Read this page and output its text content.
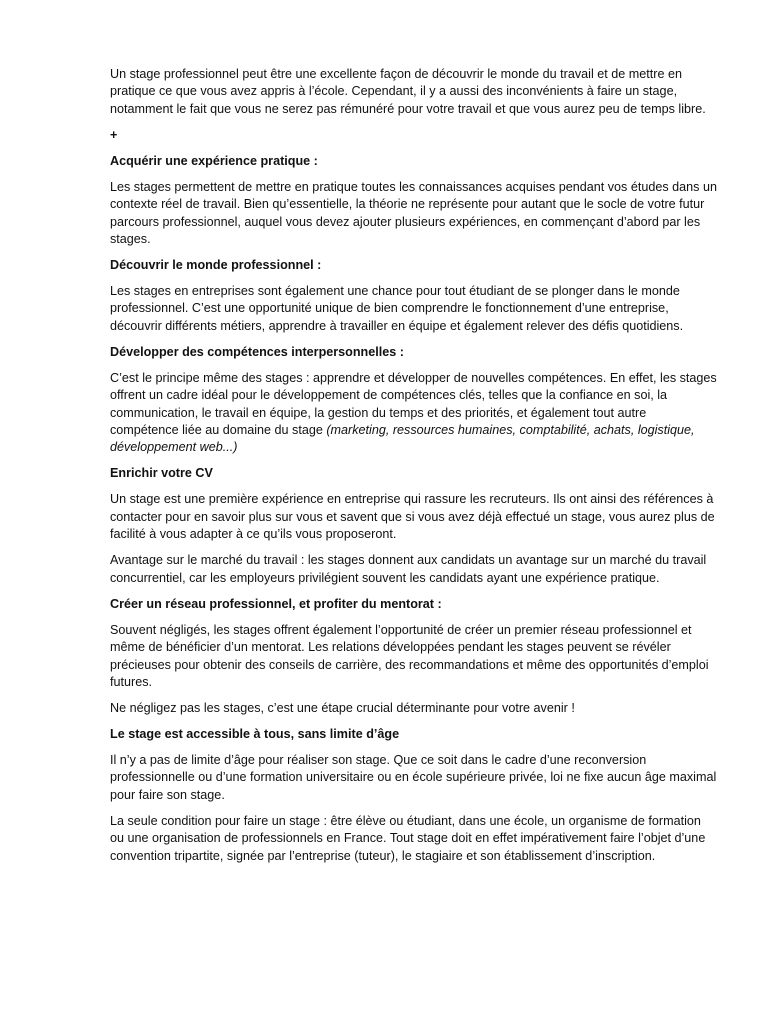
Un stage professionnel peut être une excellente façon de découvrir le monde du travail et de mettre en pratique ce que vous avez appris à l’école. Cependant, il y a aussi des inconvénients à faire un stage, notamment le fait que vous ne serez pas rémunéré pour votre travail et que vous aurez peu de temps libre.

+

Acquérir une expérience pratique :

Les stages permettent de mettre en pratique toutes les connaissances acquises pendant vos études dans un contexte réel de travail. Bien qu’essentielle, la théorie ne représente pour autant que le socle de votre futur parcours professionnel, auquel vous devez ajouter plusieurs expériences, en commençant d’abord par les stages.

Découvrir le monde professionnel :

Les stages en entreprises sont également une chance pour tout étudiant de se plonger dans le monde professionnel. C’est une opportunité unique de bien comprendre le fonctionnement d’une entreprise, découvrir différents métiers, apprendre à travailler en équipe et également relever des défis quotidiens.

Développer des compétences interpersonnelles :

C’est le principe même des stages : apprendre et développer de nouvelles compétences. En effet, les stages offrent un cadre idéal pour le développement de compétences clés, telles que la confiance en soi, la communication, le travail en équipe, la gestion du temps et des priorités, et également tout autre compétence liée au domaine du stage (marketing, ressources humaines, comptabilité, achats, logistique, développement web...)

Enrichir votre CV

Un stage est une première expérience en entreprise qui rassure les recruteurs. Ils ont ainsi des références à contacter pour en savoir plus sur vous et savent que si vous avez déjà effectué un stage, vous aurez plus de facilité à vous adapter à ce qu’ils vous proposeront.

Avantage sur le marché du travail : les stages donnent aux candidats un avantage sur un marché du travail concurrentiel, car les employeurs privilégient souvent les candidats ayant une expérience pratique.

Créer un réseau professionnel, et profiter du mentorat :

Souvent négligés, les stages offrent également l’opportunité de créer un premier réseau professionnel et même de bénéficier d’un mentorat. Les relations développées pendant les stages peuvent se révéler précieuses pour obtenir des conseils de carrière, des recommandations et même des opportunités d’emploi futures.

Ne négligez pas les stages, c’est une étape crucial déterminante pour votre avenir !

Le stage est accessible à tous, sans limite d’âge

Il n’y a pas de limite d’âge pour réaliser son stage. Que ce soit dans le cadre d’une reconversion professionnelle ou d’une formation universitaire ou en école supérieure privée, loi ne fixe aucun âge maximal pour faire son stage.

La seule condition pour faire un stage : être élève ou étudiant, dans une école, un organisme de formation ou une organisation de professionnels en France. Tout stage doit en effet impérativement faire l’objet d’une convention tripartite, signée par l’entreprise (tuteur), le stagiaire et son établissement d’inscription.
